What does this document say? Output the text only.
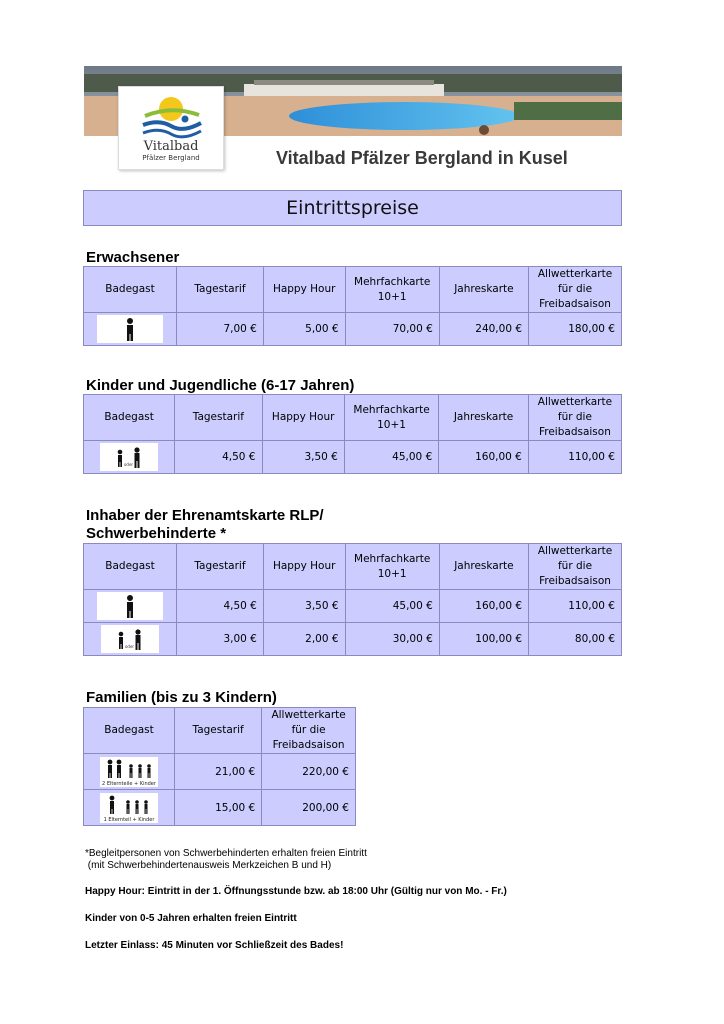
Vitalbad
Pfälzer Bergland	Vitalbad Pfälzer Bergland in Kusel
Eintrittspreise
Erwachsener
Badegast	Tagestarif	Happy Hour	Mehrfachkarte 10+1	Jahreskarte	Allwetterkarte für die Freibadsaison

	7,00 €	5,00 €	70,00 €	240,00 €	180,00 €
Kinder und Jugendliche (6-17 Jahren)
Badegast	Tagestarif	Happy Hour	Mehrfachkarte 10+1	Jahreskarte	Allwetterkarte für die Freibadsaison

oder	4,50 €	3,50 €	45,00 €	160,00 €	110,00 €
Inhaber der Ehrenamtskarte RLP/
Schwerbehinderte *
Badegast	Tagestarif	Happy Hour	Mehrfachkarte 10+1	Jahreskarte	Allwetterkarte für die Freibadsaison

	4,50 €	3,50 €	45,00 €	160,00 €	110,00 €

oder	3,00 €	2,00 €	30,00 €	100,00 €	80,00 €
Familien (bis zu 3 Kindern)
Badegast	Tagestarif	Allwetterkarte für die Freibadsaison

2 Elternteile + Kinder	21,00 €	220,00 €

1 Elternteil + Kinder	15,00 €	200,00 €
*Begleitpersonen von Schwerbehinderten erhalten freien Eintritt
(mit Schwerbehindertenausweis Merkzeichen B und H)
Happy Hour: Eintritt in der 1. Öffnungsstunde bzw. ab 18:00 Uhr (Gültig nur von Mo. - Fr.)
Kinder von 0-5 Jahren erhalten freien Eintritt
Letzter Einlass: 45 Minuten vor Schließzeit des Bades!
